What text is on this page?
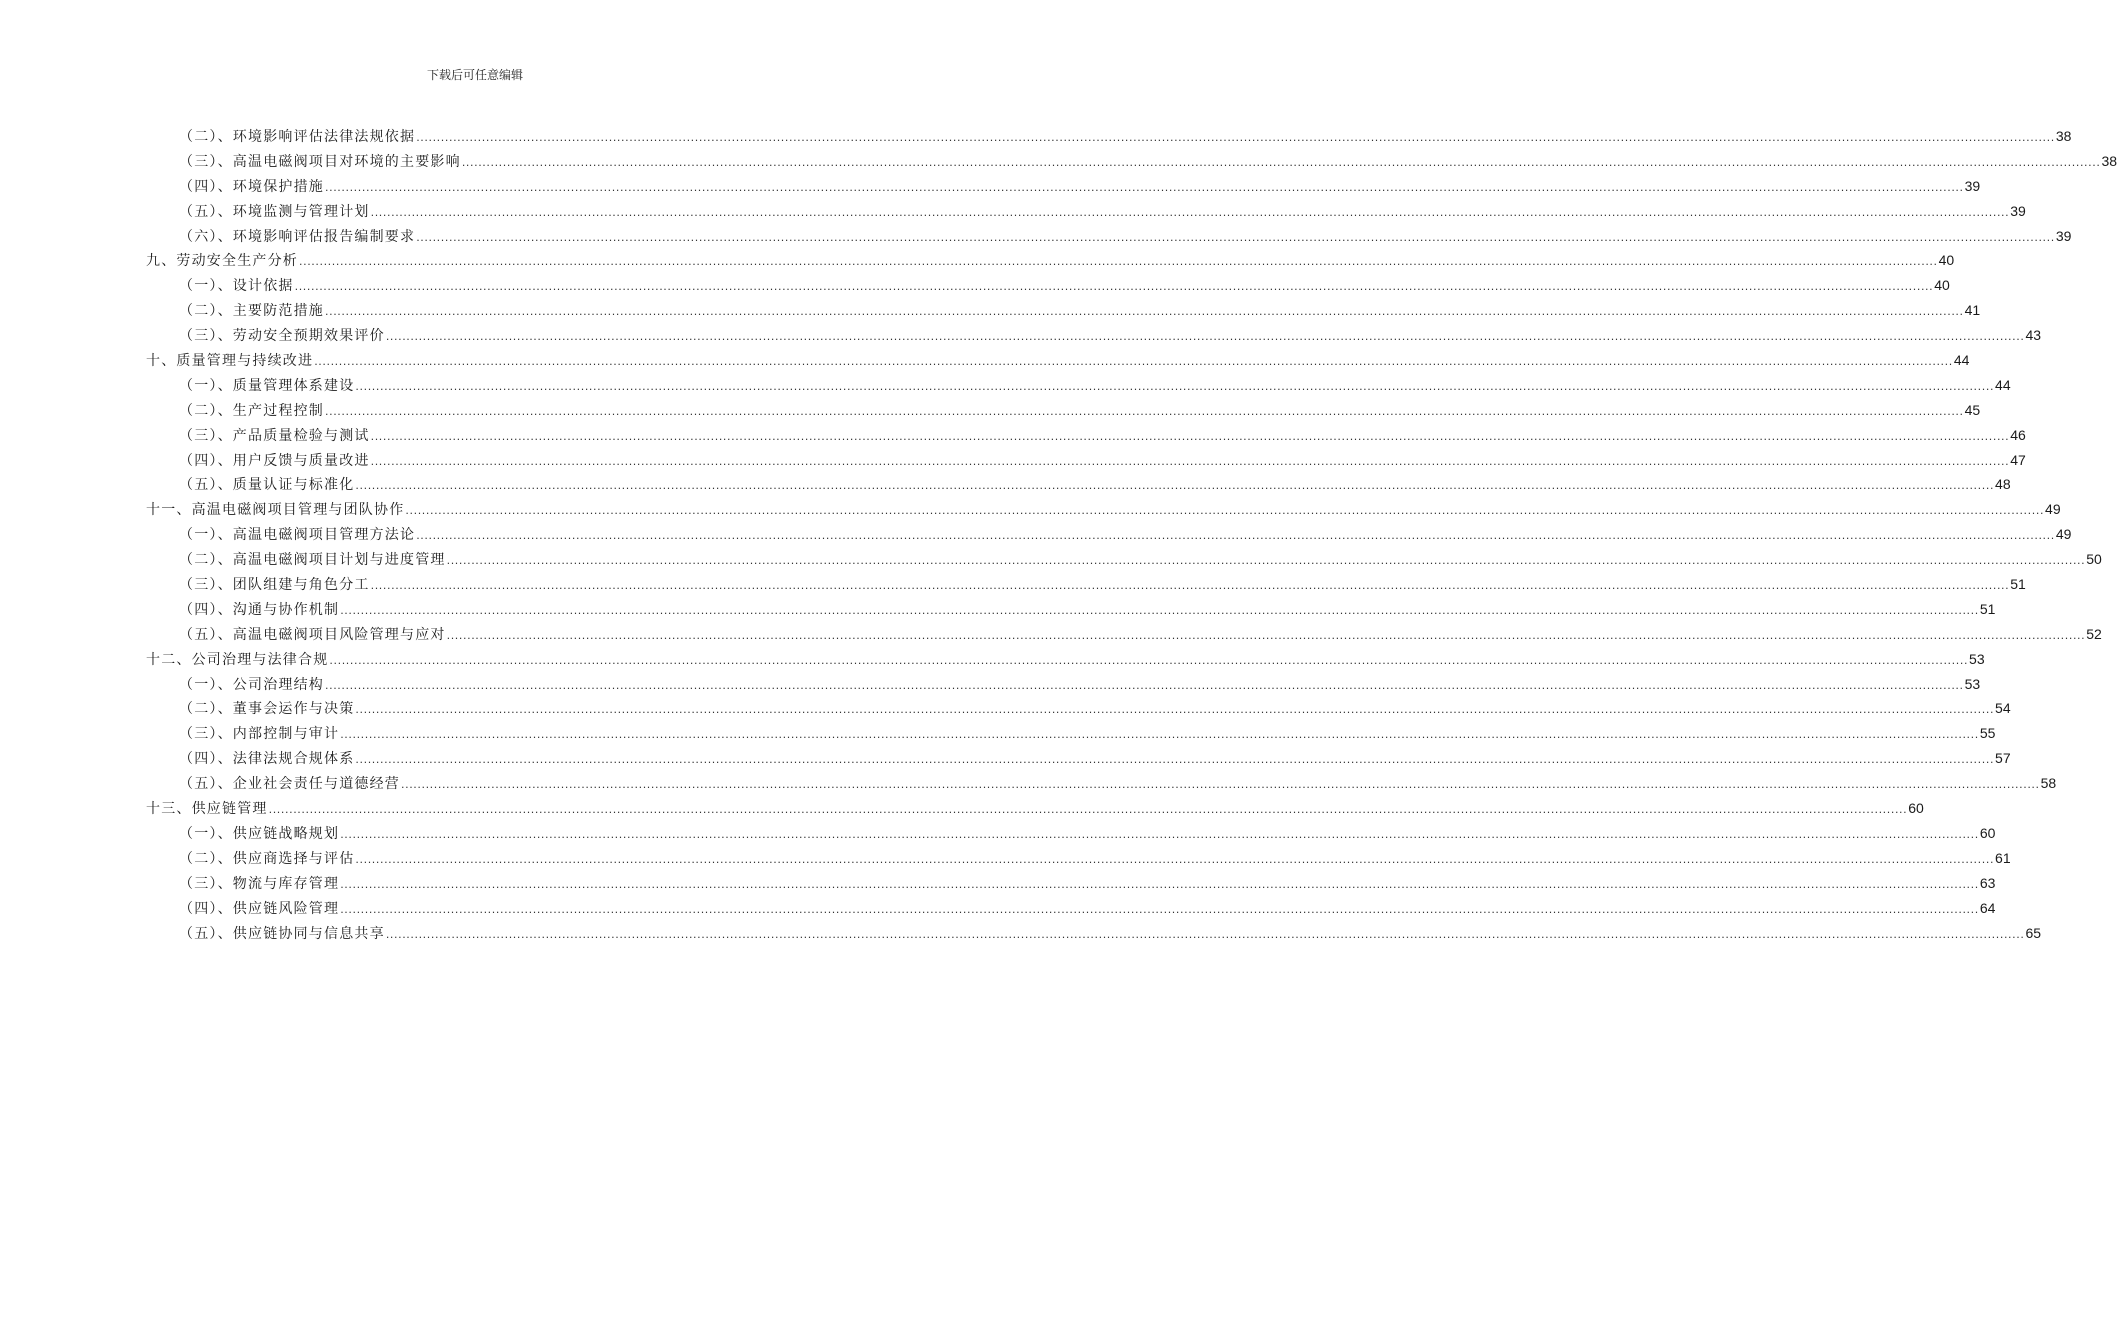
下载后可任意编辑
（二）、环境影响评估法律法规依据 ................................................................................................................................................................................................................................................................................................................................................................................................................ 38
（三）、高温电磁阀项目对环境的主要影响 ................................................................................................................................................................................................................................................................................................................................................................................................................ 38
（四）、环境保护措施 ................................................................................................................................................................................................................................................................................................................................................................................................................ 39
（五）、环境监测与管理计划 ................................................................................................................................................................................................................................................................................................................................................................................................................ 39
（六）、环境影响评估报告编制要求 ................................................................................................................................................................................................................................................................................................................................................................................................................ 39
九、劳动安全生产分析 ................................................................................................................................................................................................................................................................................................................................................................................................................ 40
（一）、设计依据 ................................................................................................................................................................................................................................................................................................................................................................................................................ 40
（二）、主要防范措施 ................................................................................................................................................................................................................................................................................................................................................................................................................ 41
（三）、劳动安全预期效果评价 ................................................................................................................................................................................................................................................................................................................................................................................................................ 43
十、质量管理与持续改进 ................................................................................................................................................................................................................................................................................................................................................................................................................ 44
（一）、质量管理体系建设 ................................................................................................................................................................................................................................................................................................................................................................................................................ 44
（二）、生产过程控制 ................................................................................................................................................................................................................................................................................................................................................................................................................ 45
（三）、产品质量检验与测试 ................................................................................................................................................................................................................................................................................................................................................................................................................ 46
（四）、用户反馈与质量改进 ................................................................................................................................................................................................................................................................................................................................................................................................................ 47
（五）、质量认证与标准化 ................................................................................................................................................................................................................................................................................................................................................................................................................ 48
十一、高温电磁阀项目管理与团队协作 ................................................................................................................................................................................................................................................................................................................................................................................................................ 49
（一）、高温电磁阀项目管理方法论 ................................................................................................................................................................................................................................................................................................................................................................................................................ 49
（二）、高温电磁阀项目计划与进度管理 ................................................................................................................................................................................................................................................................................................................................................................................................................ 50
（三）、团队组建与角色分工 ................................................................................................................................................................................................................................................................................................................................................................................................................ 51
（四）、沟通与协作机制 ................................................................................................................................................................................................................................................................................................................................................................................................................ 51
（五）、高温电磁阀项目风险管理与应对 ................................................................................................................................................................................................................................................................................................................................................................................................................ 52
十二、公司治理与法律合规 ................................................................................................................................................................................................................................................................................................................................................................................................................ 53
（一）、公司治理结构 ................................................................................................................................................................................................................................................................................................................................................................................................................ 53
（二）、董事会运作与决策 ................................................................................................................................................................................................................................................................................................................................................................................................................ 54
（三）、内部控制与审计 ................................................................................................................................................................................................................................................................................................................................................................................................................ 55
（四）、法律法规合规体系 ................................................................................................................................................................................................................................................................................................................................................................................................................ 57
（五）、企业社会责任与道德经营 ................................................................................................................................................................................................................................................................................................................................................................................................................ 58
十三、供应链管理 ................................................................................................................................................................................................................................................................................................................................................................................................................ 60
（一）、供应链战略规划 ................................................................................................................................................................................................................................................................................................................................................................................................................ 60
（二）、供应商选择与评估 ................................................................................................................................................................................................................................................................................................................................................................................................................ 61
（三）、物流与库存管理 ................................................................................................................................................................................................................................................................................................................................................................................................................ 63
（四）、供应链风险管理 ................................................................................................................................................................................................................................................................................................................................................................................................................ 64
（五）、供应链协同与信息共享 ................................................................................................................................................................................................................................................................................................................................................................................................................ 65
